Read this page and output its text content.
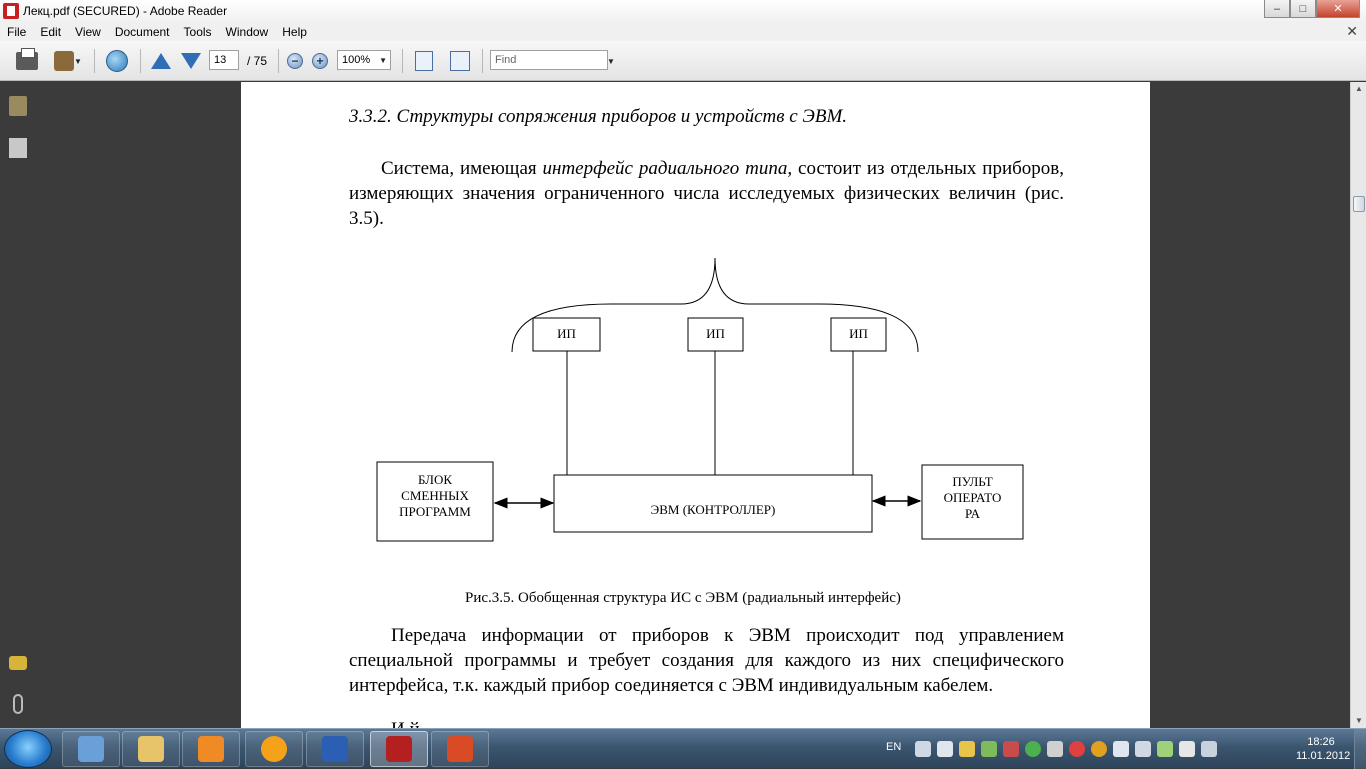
Лекц.pdf (SECURED) - Adobe Reader	–	□	✕
File	Edit	View	Document	Tools	Window	Help	✕
▼	13	/ 75	−	+	100% ▼	Find	▼
3.3.2. Структуры сопряжения приборов и устройств с ЭВМ.
Система, имеющая интерфейс радиального типа, состоит из отдельных приборов, измеряющих значения ограниченного числа исследуемых физических величин (рис. 3.5).
ИП	ИП	ИП
БЛОК
СМЕННЫХ
ПРОГРАММ	ЭВМ (КОНТРОЛЛЕР)
ПУЛЬТ
ОПЕРАТО
РА
Рис.3.5. Обобщенная структура ИС с ЭВМ (радиальный интерфейс)
Передача информации от приборов к ЭВМ происходит под управлением специальной программы и требует создания для каждого из них специфического интерфейса, т.к. каждый прибор соединяется с ЭВМ индивидуальным кабелем.
▲
▼
EN	18:26
11.01.2012
